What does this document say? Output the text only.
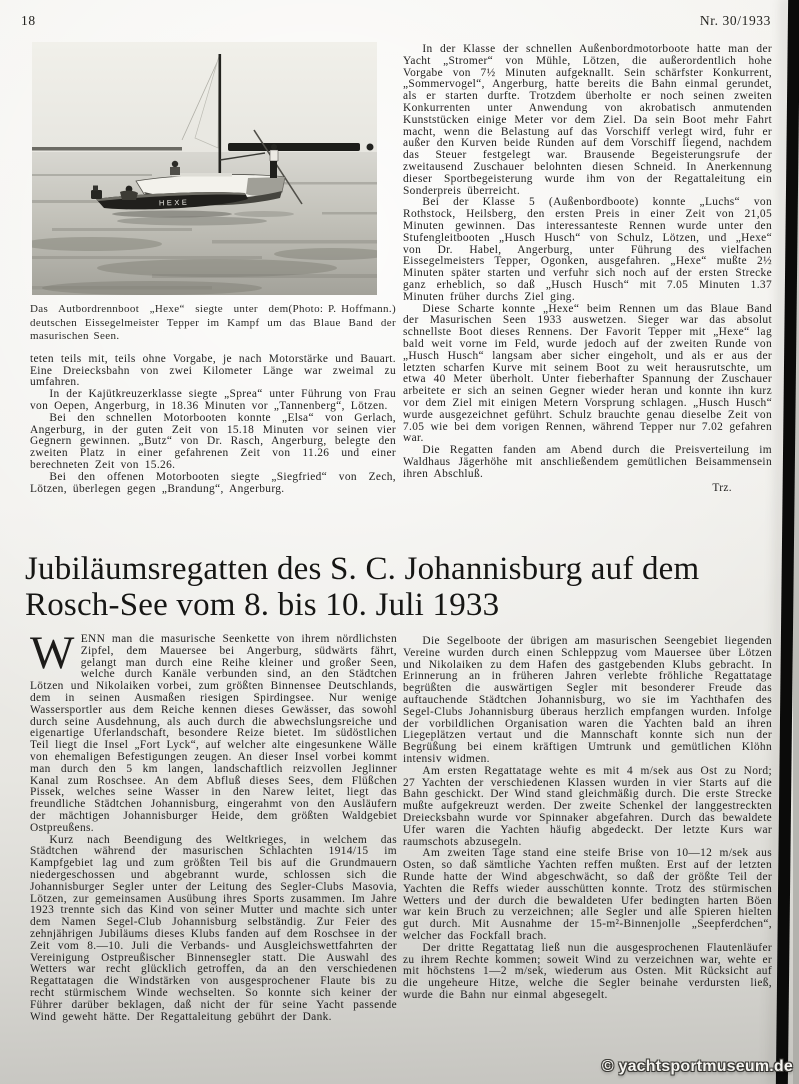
18	Nr. 30/1933
HEXE
(Photo: P. Hoffmann.)
Das Autbordrennboot „Hexe“ siegte unter dem deutschen Eissegelmeister Tepper im Kampf um das Blaue Band der masurischen Seen.

teten teils mit, teils ohne Vorgabe, je nach Motorstärke und Bauart. Eine Dreiecksbahn von zwei Kilometer Länge war zweimal zu umfahren.

In der Kajütkreuzerklasse siegte „Sprea“ unter Führung von Frau von Oepen, Angerburg, in 18.36 Minuten vor „Tannenberg“, Lötzen.

Bei den schnellen Motorbooten konnte „Elsa“ von Gerlach, Angerburg, in der guten Zeit von 15.18 Minuten vor seinen vier Gegnern gewinnen. „Butz“ von Dr. Rasch, Angerburg, belegte den zweiten Platz in einer gefahrenen Zeit von 11.26 und einer berechneten Zeit von 15.26.

Bei den offenen Motorbooten siegte „Siegfried“ von Zech, Lötzen, überlegen gegen „Brandung“, Angerburg.

In der Klasse der schnellen Außenbordmotorboote hatte man der Yacht „Stromer“ von Mühle, Lötzen, die außerordentlich hohe Vorgabe von 7½ Minuten aufgeknallt. Sein schärfster Konkurrent, „Sommervogel“, Angerburg, hatte bereits die Bahn einmal gerundet, als er starten durfte. Trotzdem überholte er noch seinen zweiten Konkurrenten unter Anwendung von akrobatisch anmutenden Kunststücken einige Meter vor dem Ziel. Da sein Boot mehr Fahrt macht, wenn die Belastung auf das Vorschiff verlegt wird, fuhr er außer den Kurven beide Runden auf dem Vorschiff liegend, nachdem das Steuer festgelegt war. Brausende Begeisterungsrufe der zweitausend Zuschauer belohnten diesen Schneid. In Anerkennung dieser Sportbegeisterung wurde ihm von der Regattaleitung ein Sonderpreis überreicht.

Bei der Klasse 5 (Außenbordboote) konnte „Luchs“ von Rothstock, Heilsberg, den ersten Preis in einer Zeit von 21,05 Minuten gewinnen. Das interessanteste Rennen wurde unter den Stufengleitbooten „Husch Husch“ von Schulz, Lötzen, und „Hexe“ von Dr. Habel, Angerburg, unter Führung des vielfachen Eissegelmeisters Tepper, Ogonken, ausgefahren. „Hexe“ mußte 2½ Minuten später starten und verfuhr sich noch auf der ersten Strecke ganz erheblich, so daß „Husch Husch“ mit 7.05 Minuten 1.37 Minuten früher durchs Ziel ging.

Diese Scharte konnte „Hexe“ beim Rennen um das Blaue Band der Masurischen Seen 1933 auswetzen. Sieger war das absolut schnellste Boot dieses Rennens. Der Favorit Tepper mit „Hexe“ lag bald weit vorne im Feld, wurde jedoch auf der zweiten Runde von „Husch Husch“ langsam aber sicher eingeholt, und als er aus der letzten scharfen Kurve mit seinem Boot zu weit herausrutschte, um etwa 40 Meter überholt. Unter fieberhafter Spannung der Zuschauer arbeitete er sich an seinen Gegner wieder heran und konnte ihn kurz vor dem Ziel mit einigen Metern Vorsprung schlagen. „Husch Husch“ wurde ausgezeichnet geführt. Schulz brauchte genau dieselbe Zeit von 7.05 wie bei dem vorigen Rennen, während Tepper nur 7.02 gefahren war.

Die Regatten fanden am Abend durch die Preisverteilung im Waldhaus Jägerhöhe mit anschließendem gemütlichen Beisammensein ihren Abschluß.

Trz.
Jubiläumsregatten des S. C. Johannisburg auf dem
Rosch-See vom 8. bis 10. Juli 1933

WENN man die masurische Seenkette von ihrem nördlichsten Zipfel, dem Mauersee bei Angerburg, südwärts fährt, gelangt man durch eine Reihe kleiner und großer Seen, welche durch Kanäle verbunden sind, an den Städtchen Lötzen und Nikolaiken vorbei, zum größten Binnensee Deutschlands, dem in seinen Ausmaßen riesigen Spirdingsee. Nur wenige Wassersportler aus dem Reiche kennen dieses Gewässer, das sowohl durch seine Ausdehnung, als auch durch die abwechslungsreiche und eigenartige Uferlandschaft, besondere Reize bietet. Im südöstlichen Teil liegt die Insel „Fort Lyck“, auf welcher alte eingesunkene Wälle von ehemaligen Befestigungen zeugen. An dieser Insel vorbei kommt man durch den 5 km langen, landschaftlich reizvollen Jeglinner Kanal zum Roschsee. An dem Abfluß dieses Sees, dem Flüßchen Pissek, welches seine Wasser in den Narew leitet, liegt das freundliche Städtchen Johannisburg, eingerahmt von den Ausläufern der mächtigen Johannisburger Heide, dem größten Waldgebiet Ostpreußens.

Kurz nach Beendigung des Weltkrieges, in welchem das Städtchen während der masurischen Schlachten 1914/15 im Kampfgebiet lag und zum größten Teil bis auf die Grundmauern niedergeschossen und abgebrannt wurde, schlossen sich die Johannisburger Segler unter der Leitung des Segler-Clubs Masovia, Lötzen, zur gemeinsamen Ausübung ihres Sports zusammen. Im Jahre 1923 trennte sich das Kind von seiner Mutter und machte sich unter dem Namen Segel-Club Johannisburg selbständig. Zur Feier des zehnjährigen Jubiläums dieses Klubs fanden auf dem Roschsee in der Zeit vom 8.—10. Juli die Verbands- und Ausgleichswettfahrten der Vereinigung Ostpreußischer Binnensegler statt. Die Auswahl des Wetters war recht glücklich getroffen, da an den verschiedenen Regattatagen die Windstärken von ausgesprochener Flaute bis zu recht stürmischem Winde wechselten. So konnte sich keiner der Führer darüber beklagen, daß nicht der für seine Yacht passende Wind geweht hätte. Der Regattaleitung gebührt der Dank.

Die Segelboote der übrigen am masurischen Seengebiet liegenden Vereine wurden durch einen Schleppzug vom Mauersee über Lötzen und Nikolaiken zu dem Hafen des gastgebenden Klubs gebracht. In Erinnerung an in früheren Jahren verlebte fröhliche Regattatage begrüßten die auswärtigen Segler mit besonderer Freude das auftauchende Städtchen Johannisburg, wo sie im Yachthafen des Segel-Clubs Johannisburg überaus herzlich empfangen wurden. Infolge der vorbildlichen Organisation waren die Yachten bald an ihren Liegeplätzen vertaut und die Mannschaft konnte sich nun der Begrüßung bei einem kräftigen Umtrunk und gemütlichen Klöhn intensiv widmen.

Am ersten Regattatage wehte es mit 4 m/sek aus Ost zu Nord; 27 Yachten der verschiedenen Klassen wurden in vier Starts auf die Bahn geschickt. Der Wind stand gleichmäßig durch. Die erste Strecke mußte aufgekreuzt werden. Der zweite Schenkel der langgestreckten Dreiecksbahn wurde vor Spinnaker abgefahren. Durch das bewaldete Ufer waren die Yachten häufig abgedeckt. Der letzte Kurs war raumschots abzusegeln.

Am zweiten Tage stand eine steife Brise von 10—12 m/sek aus Osten, so daß sämtliche Yachten reffen mußten. Erst auf der letzten Runde hatte der Wind abgeschwächt, so daß der größte Teil der Yachten die Reffs wieder ausschütten konnte. Trotz des stürmischen Wetters und der durch die bewaldeten Ufer bedingten harten Böen war kein Bruch zu verzeichnen; alle Segler und alle Spieren hielten gut durch. Mit Ausnahme der 15-m²-Binnenjolle „Seepferdchen“, welcher das Fockfall brach.

Der dritte Regattatag ließ nun die ausgesprochenen Flautenläufer zu ihrem Rechte kommen; soweit Wind zu verzeichnen war, wehte er mit höchstens 1—2 m/sek, wiederum aus Osten. Mit Rücksicht auf die ungeheure Hitze, welche die Segler beinahe verdursten ließ, wurde die Bahn nur einmal abgesegelt.

© yachtsportmuseum.de
